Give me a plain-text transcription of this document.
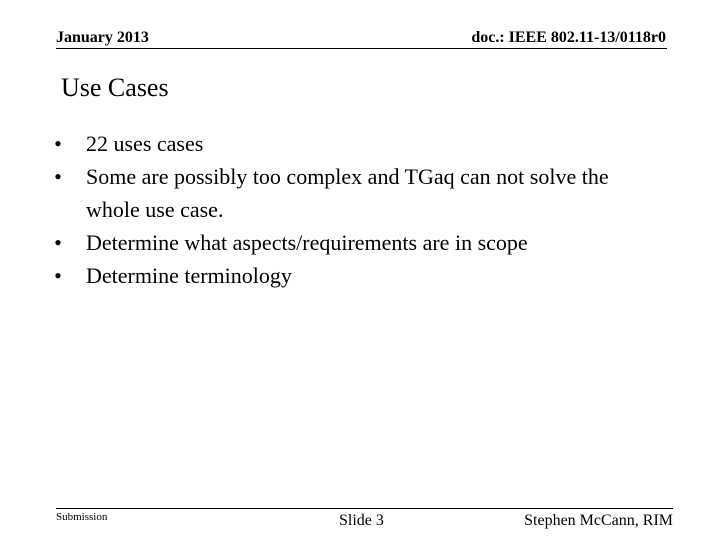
January 2013	doc.: IEEE 802.11-13/0118r0
Use Cases
• 22 uses cases
• Some are possibly too complex and TGaq can not solve the whole use case.
• Determine what aspects/requirements are in scope
• Determine terminology
Submission	Slide 3	Stephen McCann, RIM
